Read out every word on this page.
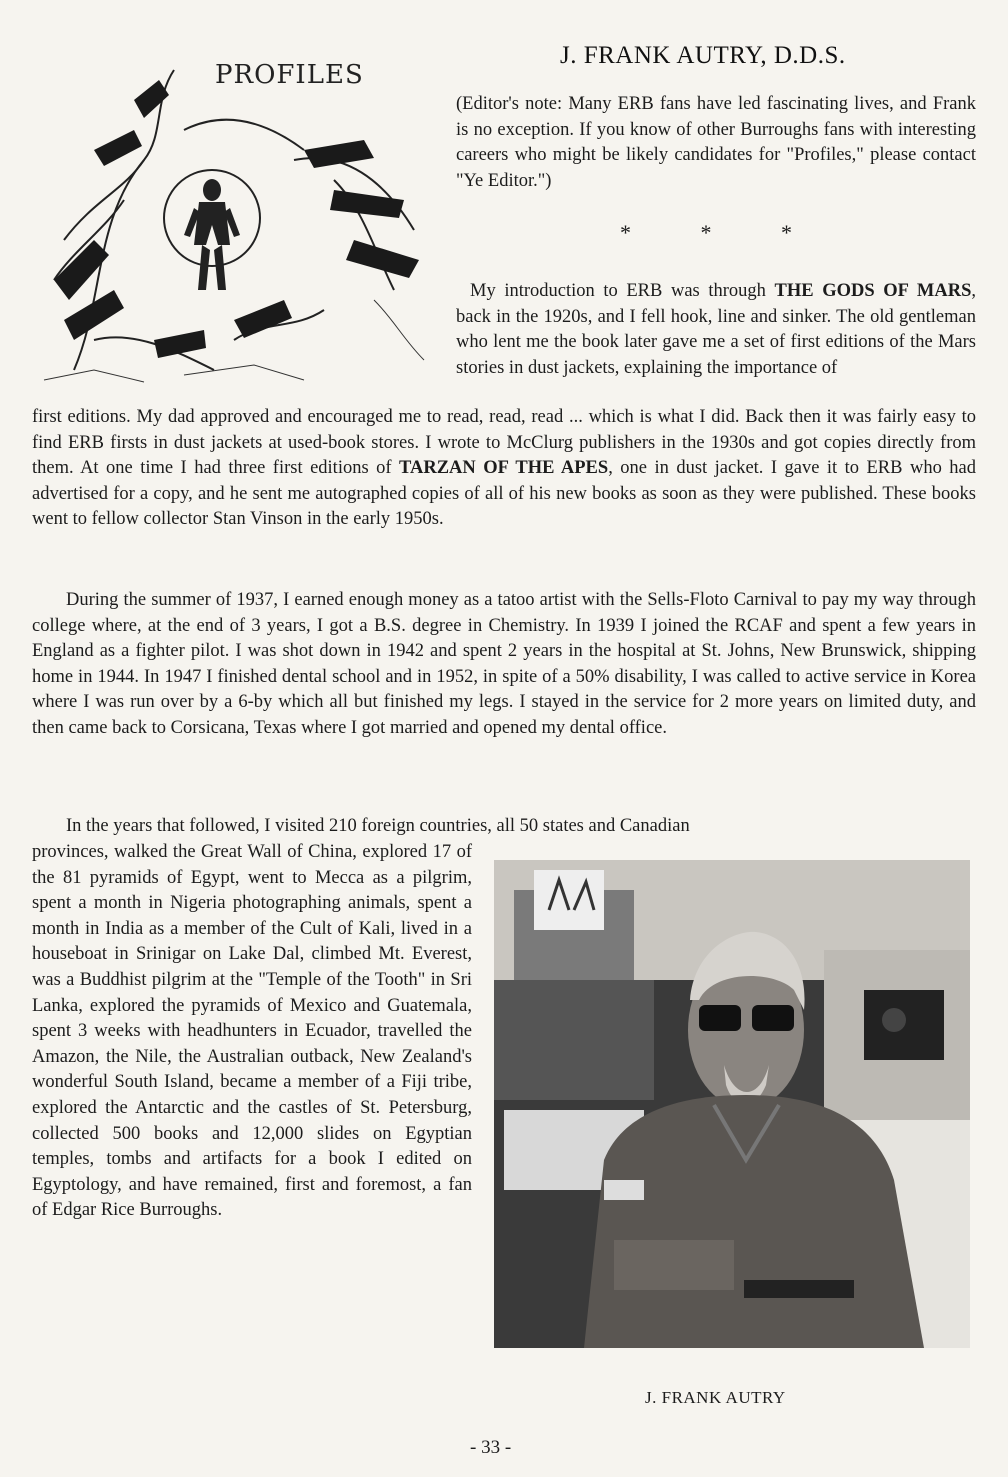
PROFILES
J. FRANK AUTRY, D.D.S.
(Editor's note: Many ERB fans have led fascinating lives, and Frank is no exception. If you know of other Burroughs fans with interesting careers who might be likely candidates for "Profiles," please contact "Ye Editor.")
* * *
My introduction to ERB was through THE GODS OF MARS, back in the 1920s, and I fell hook, line and sinker. The old gentleman who lent me the book later gave me a set of first editions of the Mars stories in dust jackets, explaining the importance of
first editions. My dad approved and encouraged me to read, read, read ... which is what I did. Back then it was fairly easy to find ERB firsts in dust jackets at used-book stores. I wrote to McClurg publishers in the 1930s and got copies directly from them. At one time I had three first editions of TARZAN OF THE APES, one in dust jacket. I gave it to ERB who had advertised for a copy, and he sent me autographed copies of all of his new books as soon as they were published. These books went to fellow collector Stan Vinson in the early 1950s.
During the summer of 1937, I earned enough money as a tatoo artist with the Sells-Floto Carnival to pay my way through college where, at the end of 3 years, I got a B.S. degree in Chemistry. In 1939 I joined the RCAF and spent a few years in England as a fighter pilot. I was shot down in 1942 and spent 2 years in the hospital at St. Johns, New Brunswick, shipping home in 1944. In 1947 I finished dental school and in 1952, in spite of a 50% disability, I was called to active service in Korea where I was run over by a 6-by which all but finished my legs. I stayed in the service for 2 more years on limited duty, and then came back to Corsicana, Texas where I got married and opened my dental office.
In the years that followed, I visited 210 foreign countries, all 50 states and Canadian
provinces, walked the Great Wall of China, explored 17 of the 81 pyramids of Egypt, went to Mecca as a pilgrim, spent a month in Nigeria photographing animals, spent a month in India as a member of the Cult of Kali, lived in a houseboat in Srinigar on Lake Dal, climbed Mt. Everest, was a Buddhist pilgrim at the "Temple of the Tooth" in Sri Lanka, explored the pyramids of Mexico and Guatemala, spent 3 weeks with headhunters in Ecuador, travelled the Amazon, the Nile, the Australian outback, New Zealand's wonderful South Island, became a member of a Fiji tribe, explored the Antarctic and the castles of St. Petersburg, collected 500 books and 12,000 slides on Egyptian temples, tombs and artifacts for a book I edited on Egyptology, and have remained, first and foremost, a fan of Edgar Rice Burroughs.
J. FRANK AUTRY
- 33 -
